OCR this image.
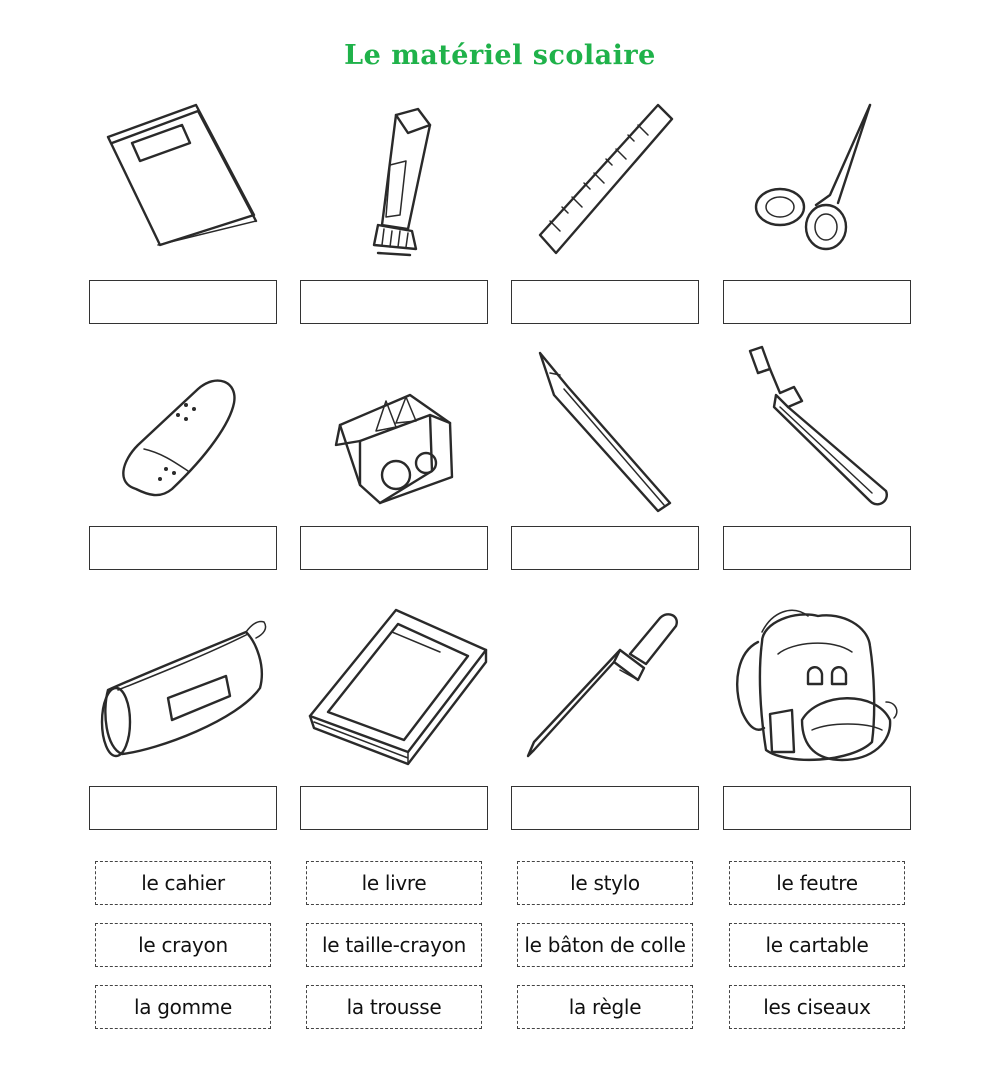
Le matériel scolaire
le cahier	le livre	le stylo	le feutre
le crayon	le taille-crayon	le bâton de colle	le cartable
la gomme	la trousse	la règle	les ciseaux
